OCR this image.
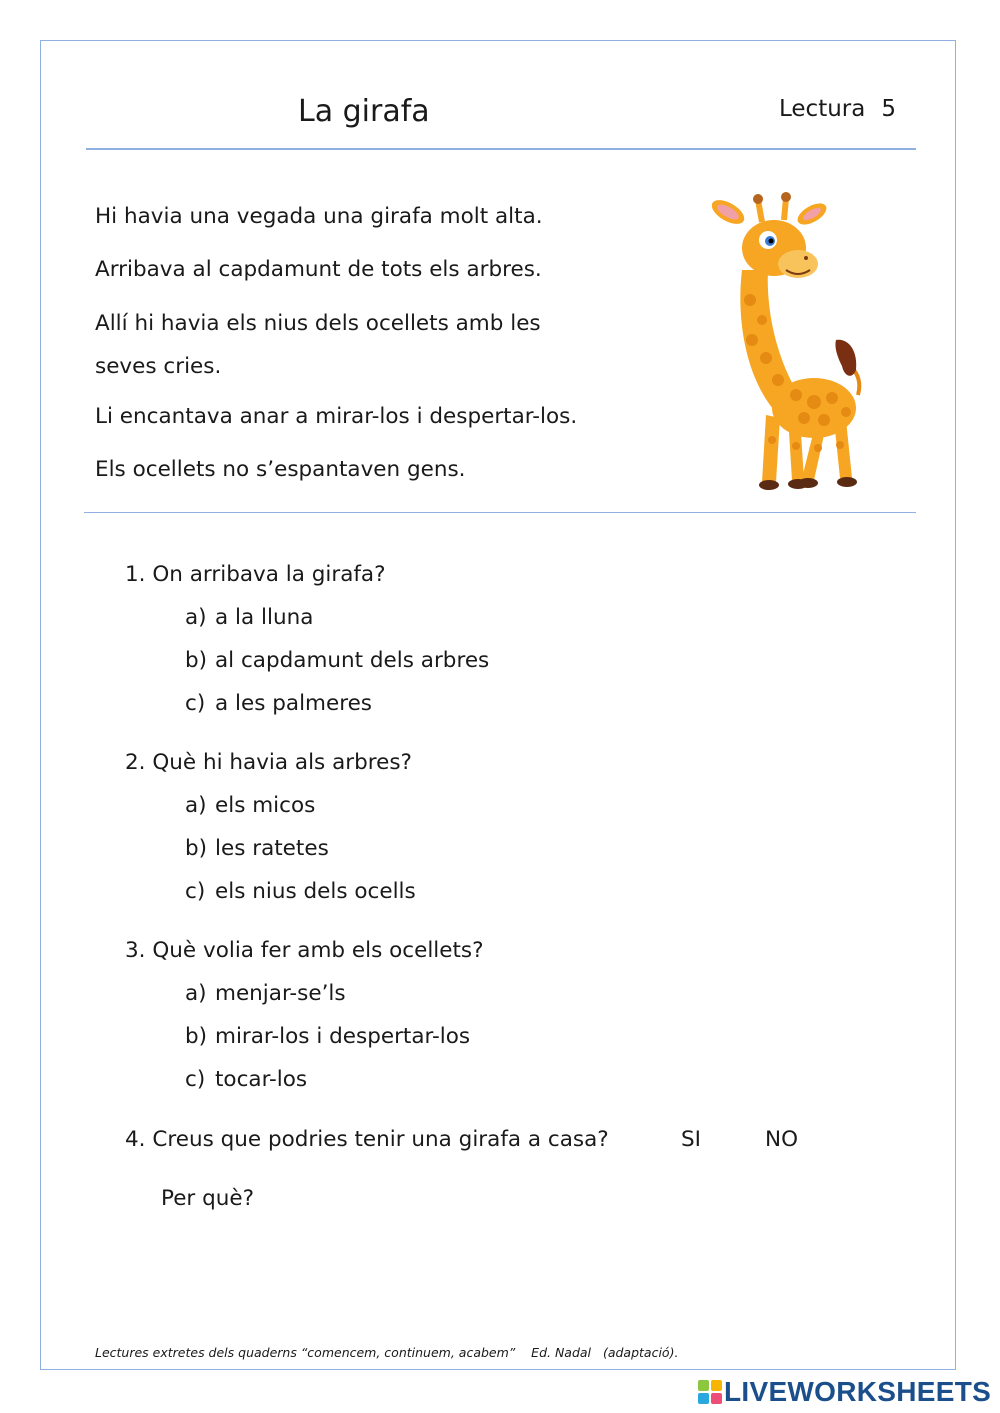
La girafa	Lectura 5

Hi havia una vegada una girafa molt alta.

Arribava al capdamunt de tots els arbres.

Allí hi havia els nius dels ocellets amb les
seves cries.

Li encantava anar a mirar-los i despertar-los.

Els ocellets no s’espantaven gens.

1. On arribava la girafa?
a) a la lluna
b) al capdamunt dels arbres
c) a les palmeres
2. Què hi havia als arbres?
a) els micos
b) les ratetes
c) els nius dels ocells
3. Què volia fer amb els ocellets?
a) menjar-se’ls
b) mirar-los i despertar-los
c) tocar-los
4. Creus que podries tenir una girafa a casa?	SI	NO
Per què?
Lectures extretes dels quaderns “comencem, continuem, acabem” Ed. Nadal (adaptació).
LIVEWORKSHEETS
